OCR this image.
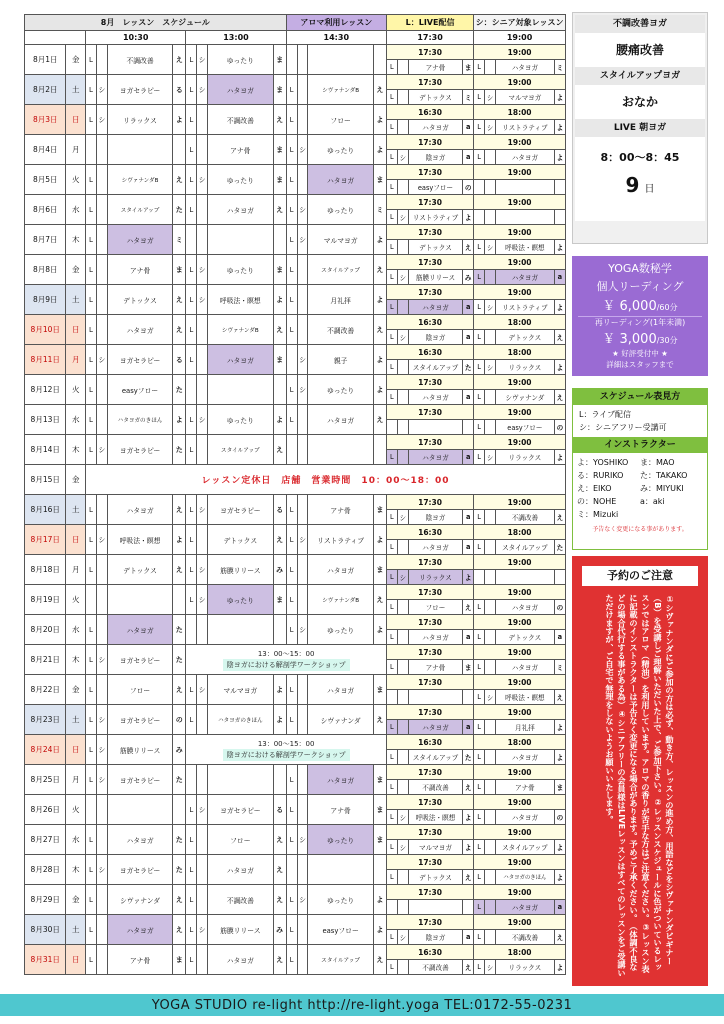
8月　レッスン　スケジュール										アロマ利用レッスン				L：LIVE配信				シ：シニア対象レッスン			
		10:30				13:00				14:30				17:30				19:00			
8月1日	金	L		不調改善	え	L	シ	ゆったり	ま					17:30				19:00			
														L		アナ骨	ま	L		ハタヨガ	ミ
8月2日	土	L	シ	ヨガセラピー	る	L	シ	ハタヨガ	ま	L		シヴァナンダB	え	17:30				19:00			
														L		デトックス	ミ	L	シ	マルマヨガ	よ
8月3日	日	L	シ	リラックス	よ	L		不調改善	え	L		フロー	よ	16:30				18:00			
														L		ハタヨガ	a	L	シ	リストラティブ	よ
8月4日	月					L		アナ骨	ま	L	シ	ゆったり	よ	17:30				19:00			
														L	シ	陰ヨガ	a	L		ハタヨガ	よ
8月5日	火	L		シヴァナンダB	え	L	シ	ゆったり	ま	L		ハタヨガ	ま	17:30				19:00			
														L		easyフロー	の				
8月6日	水	L		スタイルアップ	た	L		ハタヨガ	え	L	シ	ゆったり	ミ	17:30				19:00			
														L	シ	リストラティブ	よ				
8月7日	木	L		ハタヨガ	ミ					L	シ	マルマヨガ	よ	17:30				19:00			
														L		デトックス	え	L	シ	呼吸法・瞑想	よ
8月8日	金	L		アナ骨	ま	L	シ	ゆったり	ま	L		スタイルアップ	え	17:30				19:00			
														L	シ	筋膜リリース	み	L		ハタヨガ	a
8月9日	土	L		デトックス	え	L	シ	呼吸法・瞑想	よ	L		月礼拝	よ	17:30				19:00			
														L		ハタヨガ	a	L	シ	リストラティブ	よ
8月10日	日	L		ハタヨガ	え	L		シヴァナンダB	え	L		不調改善	え	16:30				18:00			
														L	シ	陰ヨガ	a	L		デトックス	え
8月11日	月	L	シ	ヨガセラピー	る	L		ハタヨガ	ま		シ	親子	よ	16:30				18:00			
														L		スタイルアップ	た	L	シ	リラックス	よ
8月12日	火	L		easyフロー	た					L	シ	ゆったり	よ	17:30				19:00			
														L		ハタヨガ	a	L		シヴァナンダ	え
8月13日	水	L		ハタヨガのきほん	よ	L	シ	ゆったり	よ	L		ハタヨガ	え	17:30				19:00			
																		L		easyフロー	の
8月14日	木	L	シ	ヨガセラピー	た	L		スタイルアップ	え					17:30				19:00			
														L		ハタヨガ	a	L	シ	リラックス	よ
8月15日	金	レッスン定休日　店舗　営業時間　10：00～18：00																			

8月16日	土	L		ハタヨガ	え	L	シ	ヨガセラピー	る	L		アナ骨	ま	17:30				19:00			
														L	シ	陰ヨガ	a	L		不調改善	え
8月17日	日	L	シ	呼吸法・瞑想	よ	L		デトックス	え	L	シ	リストラティブ	よ	16:30				18:00			
														L		ハタヨガ	a	L		スタイルアップ	た
8月18日	月	L		デトックス	え	L	シ	筋膜リリース	み	L		ハタヨガ	ま	17:30				19:00			
														L	シ	リラックス	よ				
8月19日	火					L	シ	ゆったり	ま	L		シヴァナンダB	え	17:30				19:00			
														L		フロー	え	L		ハタヨガ	の
8月20日	水	L		ハタヨガ	た					L	シ	ゆったり	よ	17:30				19:00			
														L		ハタヨガ	a	L		デトックス	a
8月21日	木	L	シ	ヨガセラピー	た	13：00～15：00
陰ヨガにおける解剖学ワークショップ								17:30				19:00			
														L		アナ骨	ま	L		ハタヨガ	ミ
8月22日	金	L		フロー	え	L	シ	マルマヨガ	よ	L		ハタヨガ	ま	17:30				19:00			
																		L	シ	呼吸法・瞑想	え
8月23日	土	L	シ	ヨガセラピー	の	L		ハタヨガのきほん	よ	L		シヴァナンダ	え	17:30				19:00			
														L		ハタヨガ	a	L		月礼拝	よ
8月24日	日	L	シ	筋膜リリース	み	13：00～15：00
陰ヨガにおける解剖学ワークショップ								16:30				18:00			
														L		スタイルアップ	た	L		ハタヨガ	よ
8月25日	月	L	シ	ヨガセラピー	た					L		ハタヨガ	ま	17:30				19:00			
														L		不調改善	え	L		アナ骨	ま
8月26日	火					L	シ	ヨガセラピー	る	L		アナ骨	ま	17:30				19:00			
														L	シ	呼吸法・瞑想	よ	L		ハタヨガ	の
8月27日	水	L		ハタヨガ	た	L		フロー	え	L	シ	ゆったり	ま	17:30				19:00			
														L	シ	マルマヨガ	よ	L		スタイルアップ	よ
8月28日	木	L	シ	ヨガセラピー	た	L		ハタヨガ	え					17:30				19:00			
														L		デトックス	え	L		ハタヨガのきほん	よ
8月29日	金	L		シヴァナンダ	え	L		不調改善	え	L	シ	ゆったり	よ	17:30				19:00			
																		L		ハタヨガ	a
8月30日	土	L		ハタヨガ	え	L	シ	筋膜リリース	み	L		easyフロー	よ	17:30				19:00			
														L	シ	陰ヨガ	a	L		不調改善	え
8月31日	日	L		アナ骨	ま	L		ハタヨガ	え	L		スタイルアップ	え	16:30				18:00			
														L		不調改善	え	L	シ	リラックス	よ
不調改善ヨガ
腰痛改善
スタイルアップヨガ
おなか
LIVE 朝ヨガ
8：00～8：45
9 日
YOGA数秘学
個人リーディング
￥ 6,000/60分
再リーディング(1年未満)
￥ 3,000/30分
★ 好評受付中 ★
詳細はスタッフまで
スケジュール表見方
L：ライブ配信
シ：シニアフリー受講可
インストラクター
よ：YOSHIKO	ま：MAO
る：RURIKO	た：TAKAKO
え：EIKO	み：MIYUKI
の：NOHE	a：aki
ミ：Mizuki
予告なく変更になる事があります。
予約のご注意
①シヴァナンダにご参加の方は必ず、動き方、レッスンの進め方、用語などをシヴァナンダビギナー（B）を受講しご理解いただいた上で、ご参加下さい。②レッスンスケジュールに色がついているレッスンではアロマ（精油）を利用しています。アロマの香りが苦手な方はご注意ください。③レッスン表に記載のインストラクターは予告なく変更になる場合があります。予めご了承ください。（体調不良などの場合代行する事がある為）④シニアフリーの会員様はLIVEレッスンはすべてのレッスンをご受講いただけますが、ご自宅で無理をしないようお願いいたします。
YOGA STUDIO re-light http://re-light.yoga TEL:0172-55-0231
